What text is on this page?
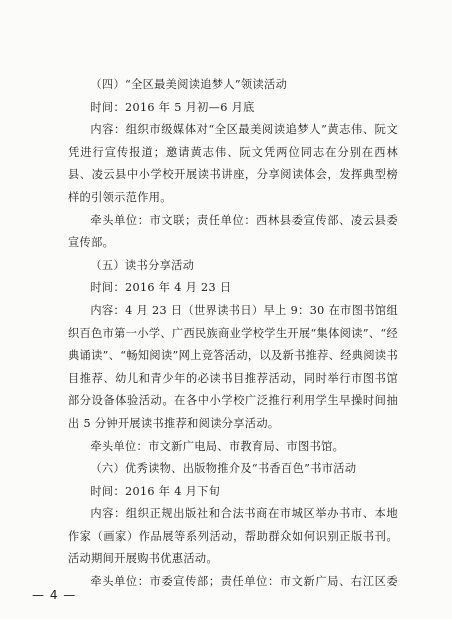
（四）“全区最美阅读追梦人”领读活动

时间：2016 年 5 月初—6 月底

内容：组织市级媒体对“全区最美阅读追梦人”黄志伟、阮文凭进行宣传报道；邀请黄志伟、阮文凭两位同志在分别在西林县、凌云县中小学校开展读书讲座，分享阅读体会，发挥典型榜样的引领示范作用。

牵头单位：市文联；责任单位：西林县委宣传部、凌云县委宣传部。

（五）读书分享活动

时间：2016 年 4 月 23 日

内容：4 月 23 日（世界读书日）早上 9：30 在市图书馆组织百色市第一小学、广西民族商业学校学生开展“集体阅读”、“经典诵读”、“畅知阅读”网上竞答活动，以及新书推荐、经典阅读书目推荐、幼儿和青少年的必读书目推荐活动，同时举行市图书馆部分设备体验活动。在各中小学校广泛推行利用学生早操时间抽出 5 分钟开展读书推荐和阅读分享活动。

牵头单位：市文新广电局、市教育局、市图书馆。

（六）优秀读物、出版物推介及“书香百色”书市活动

时间：2016 年 4 月下旬

内容：组织正规出版社和合法书商在市城区举办书市、本地作家（画家）作品展等系列活动，帮助群众如何识别正版书刊。活动期间开展购书优惠活动。

牵头单位：市委宣传部；责任单位：市文新广局、右江区委

— 4 —
